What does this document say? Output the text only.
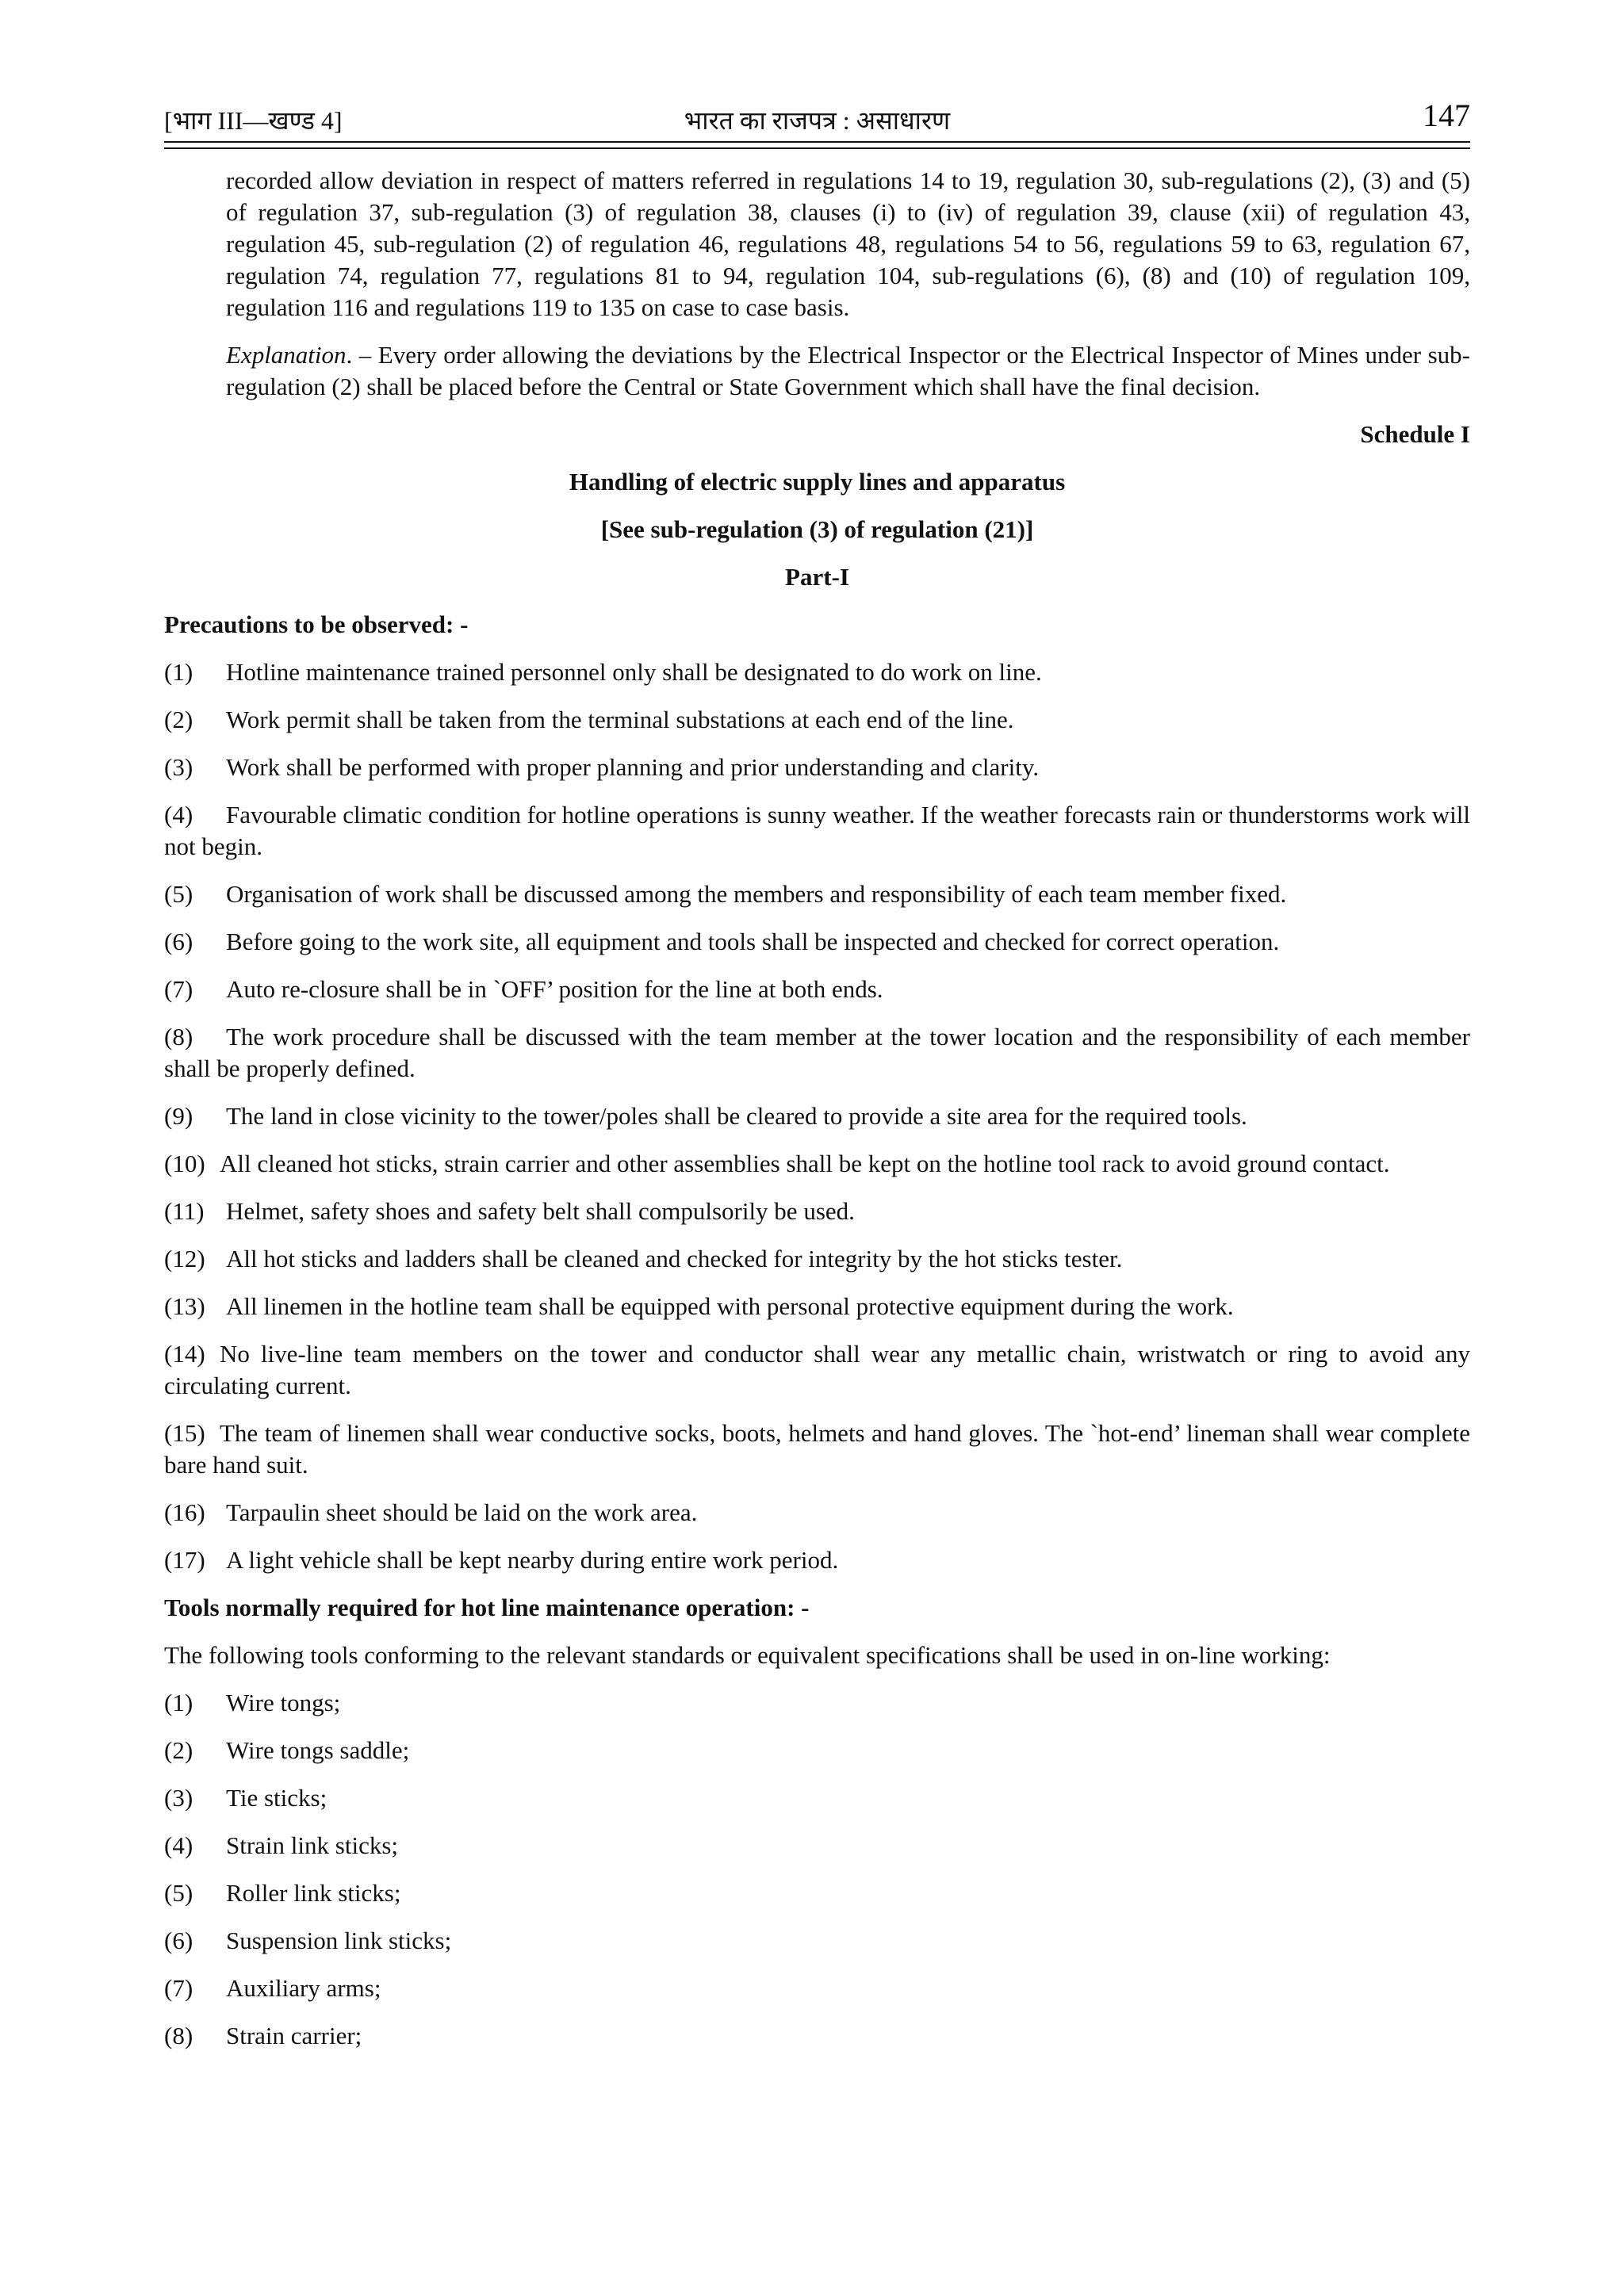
[भाग III—खण्ड 4]	भारत का राजपत्र : असाधारण	147

recorded allow deviation in respect of matters referred in regulations 14 to 19, regulation 30, sub-regulations (2), (3) and (5) of regulation 37, sub-regulation (3) of regulation 38, clauses (i) to (iv) of regulation 39, clause (xii) of regulation 43, regulation 45, sub-regulation (2) of regulation 46, regulations 48, regulations 54 to 56, regulations 59 to 63, regulation 67, regulation 74, regulation 77, regulations 81 to 94, regulation 104, sub-regulations (6), (8) and (10) of regulation 109, regulation 116 and regulations 119 to 135 on case to case basis.

Explanation. – Every order allowing the deviations by the Electrical Inspector or the Electrical Inspector of Mines under sub-regulation (2) shall be placed before the Central or State Government which shall have the final decision.

Schedule I

Handling of electric supply lines and apparatus

[See sub-regulation (3) of regulation (21)]

Part-I

Precautions to be observed: -

(1) Hotline maintenance trained personnel only shall be designated to do work on line.

(2) Work permit shall be taken from the terminal substations at each end of the line.

(3) Work shall be performed with proper planning and prior understanding and clarity.

(4) Favourable climatic condition for hotline operations is sunny weather. If the weather forecasts rain or thunderstorms work will not begin.

(5) Organisation of work shall be discussed among the members and responsibility of each team member fixed.

(6) Before going to the work site, all equipment and tools shall be inspected and checked for correct operation.

(7) Auto re-closure shall be in `OFF’ position for the line at both ends.

(8) The work procedure shall be discussed with the team member at the tower location and the responsibility of each member shall be properly defined.

(9) The land in close vicinity to the tower/poles shall be cleared to provide a site area for the required tools.

(10) All cleaned hot sticks, strain carrier and other assemblies shall be kept on the hotline tool rack to avoid ground contact.

(11) Helmet, safety shoes and safety belt shall compulsorily be used.

(12) All hot sticks and ladders shall be cleaned and checked for integrity by the hot sticks tester.

(13) All linemen in the hotline team shall be equipped with personal protective equipment during the work.

(14) No live-line team members on the tower and conductor shall wear any metallic chain, wristwatch or ring to avoid any circulating current.

(15) The team of linemen shall wear conductive socks, boots, helmets and hand gloves. The `hot-end’ lineman shall wear complete bare hand suit.

(16) Tarpaulin sheet should be laid on the work area.

(17) A light vehicle shall be kept nearby during entire work period.

Tools normally required for hot line maintenance operation: -

The following tools conforming to the relevant standards or equivalent specifications shall be used in on-line working:

(1) Wire tongs;

(2) Wire tongs saddle;

(3) Tie sticks;

(4) Strain link sticks;

(5) Roller link sticks;

(6) Suspension link sticks;

(7) Auxiliary arms;

(8) Strain carrier;
